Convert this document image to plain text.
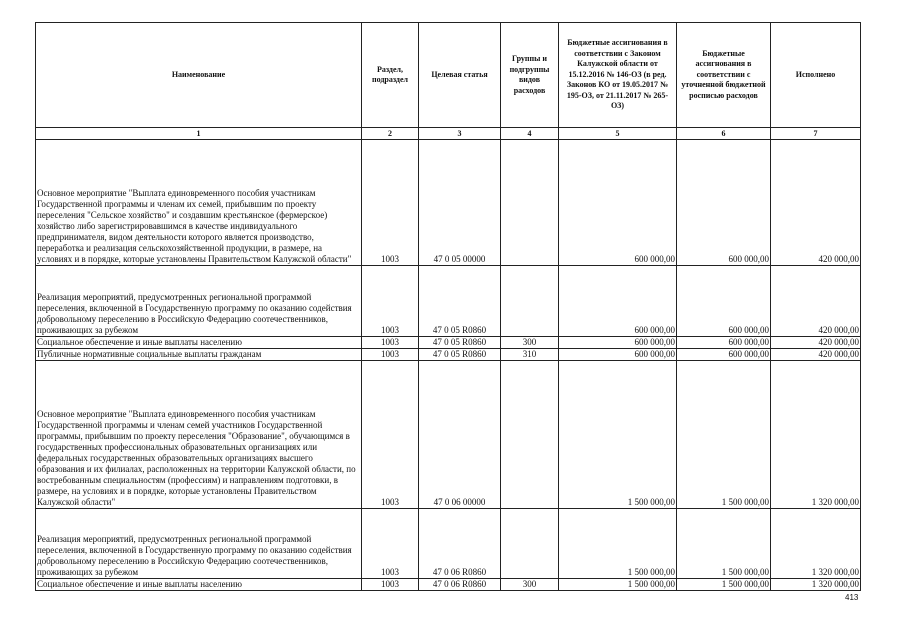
Наименование	Раздел, подраздел	Целевая статья	Группы и подгруппы видов расходов	Бюджетные ассигнования в соответствии с Законом Калужской области от 15.12.2016 № 146-ОЗ (в ред. Законов КО от 19.05.2017 № 195-ОЗ, от 21.11.2017 № 265-ОЗ)	Бюджетные ассигнования в соответствии с уточненной бюджетной росписью расходов	Исполнено
1	2	3	4	5	6	7
Основное мероприятие "Выплата единовременного пособия участникам Государственной программы и членам их семей, прибывшим по проекту переселения "Сельское хозяйство" и создавшим крестьянское (фермерское) хозяйство либо зарегистрировавшимся в качестве индивидуального предпринимателя, видом деятельности которого является производство, переработка и реализация сельскохозяйственной продукции, в размере, на условиях и в порядке, которые установлены Правительством Калужской области"	1003	47 0 05 00000		600 000,00	600 000,00	420 000,00
Реализация мероприятий, предусмотренных региональной программой переселения, включенной в Государственную программу по оказанию содействия добровольному переселению в Российскую Федерацию соотечественников, проживающих за рубежом	1003	47 0 05 R0860		600 000,00	600 000,00	420 000,00
Социальное обеспечение и иные выплаты населению	1003	47 0 05 R0860	300	600 000,00	600 000,00	420 000,00
Публичные нормативные социальные выплаты гражданам	1003	47 0 05 R0860	310	600 000,00	600 000,00	420 000,00
Основное мероприятие "Выплата единовременного пособия участникам Государственной программы и членам семей участников Государственной программы, прибывшим по проекту переселения "Образование", обучающимся в государственных профессиональных образовательных организациях или федеральных государственных образовательных организациях высшего образования и их филиалах, расположенных на территории Калужской области, по востребованным специальностям (профессиям) и направлениям подготовки, в размере, на условиях и в порядке, которые установлены Правительством Калужской области"	1003	47 0 06 00000		1 500 000,00	1 500 000,00	1 320 000,00
Реализация мероприятий, предусмотренных региональной программой переселения, включенной в Государственную программу по оказанию содействия добровольному переселению в Российскую Федерацию соотечественников, проживающих за рубежом	1003	47 0 06 R0860		1 500 000,00	1 500 000,00	1 320 000,00
Социальное обеспечение и иные выплаты населению	1003	47 0 06 R0860	300	1 500 000,00	1 500 000,00	1 320 000,00
413
